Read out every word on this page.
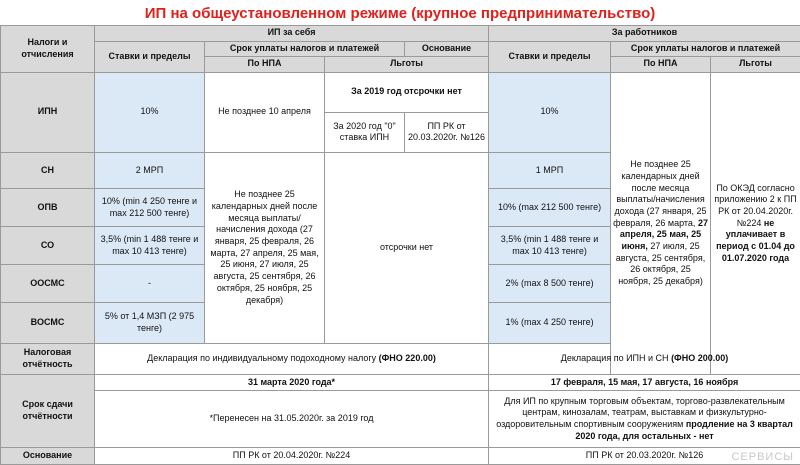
ИП на общеустановленном режиме (крупное предпринимательство)
Налоги и отчисления	ИП за себя				За работников		
	Ставки и пределы	Срок уплаты налогов и платежей		Основание	Ставки и пределы	Срок уплаты налогов и платежей	
		По НПА	Льготы			По НПА	Льготы
ИПН	10%	Не позднее 10 апреля	За 2019 год отсрочки нет		10%	Не позднее 25 календарных дней после месяца выплаты/начисления дохода (27 января, 25 февраля, 26 марта, 27 апреля, 25 мая, 25 июня, 27 июля, 25 августа, 25 сентября, 26 октября, 25 ноября, 25 декабря)	По ОКЭД согласно приложению 2 к ПП РК от 20.04.2020г. №224 не уплачивает в период с 01.04 до 01.07.2020 года
			За 2020 год "0" ставка ИПН	ПП РК от 20.03.2020г. №126			
СН	2 МРП	Не позднее 25 календарных дней после месяца выплаты/начисления дохода (27 января, 25 февраля, 26 марта, 27 апреля, 25 мая, 25 июня, 27 июля, 25 августа, 25 сентября, 26 октября, 25 ноября, 25 декабря)	отсрочки нет		1 МРП		
ОПВ	10% (min 4 250 тенге и max 212 500 тенге)				10% (max 212 500 тенге)		
СО	3,5% (min 1 488 тенге и max 10 413 тенге)				3,5% (min 1 488 тенге и max 10 413 тенге)		
ООСМС	-				2% (max 8 500 тенге)		
ВОСМС	5% от 1,4 МЗП (2 975 тенге)				1% (max 4 250 тенге)		
Налоговая отчётность	Декларация по индивидуальному подоходному налогу (ФНО 220.00)				Декларация по ИПН и СН (ФНО 200.00)		
Срок сдачи отчётности	31 марта 2020 года*				17 февраля, 15 мая, 17 августа, 16 ноября		
	*Перенесен на 31.05.2020г. за 2019 год				Для ИП по крупным торговым объектам, торгово-развлекательным центрам, кинозалам, театрам, выставкам и физкультурно-оздоровительным спортивным сооружениям продление на 3 квартал 2020 года, для остальных - нет		
Основание	ПП РК от 20.04.2020г. №224				ПП РК от 20.03.2020г. №126			СЕРВИСЫ
